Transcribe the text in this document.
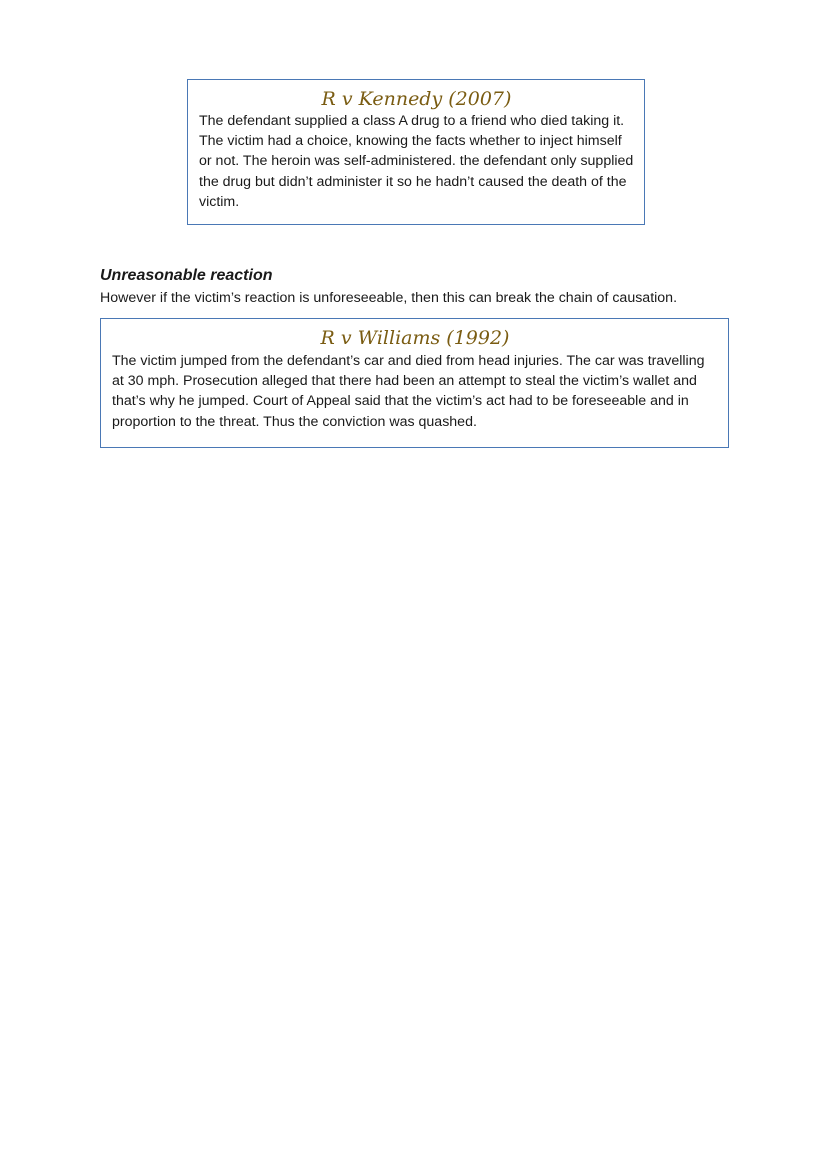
R v Kennedy (2007)

The defendant supplied a class A drug to a friend who died taking it. The victim had a choice, knowing the facts whether to inject himself or not. The heroin was self-administered. the defendant only supplied the drug but didn’t administer it so he hadn’t caused the death of the victim.

Unreasonable reaction

However if the victim’s reaction is unforeseeable, then this can break the chain of causation.

R v Williams (1992)

The victim jumped from the defendant’s car and died from head injuries. The car was travelling at 30 mph. Prosecution alleged that there had been an attempt to steal the victim’s wallet and that’s why he jumped. Court of Appeal said that the victim’s act had to be foreseeable and in proportion to the threat. Thus the conviction was quashed.
